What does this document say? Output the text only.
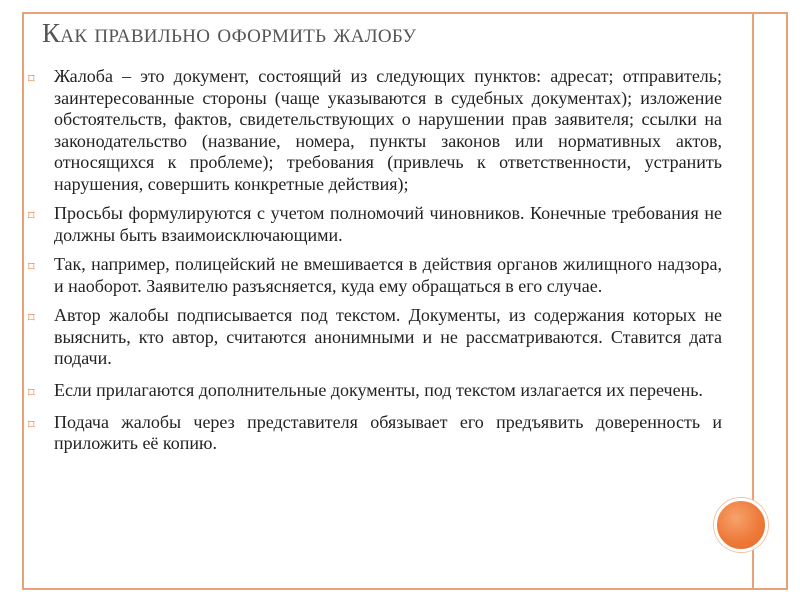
Как правильно оформить жалобу
⌑	Жалоба – это документ, состоящий из следующих пунктов: адресат; отправитель; заинтересованные стороны (чаще указываются в судебных документах); изложение обстоятельств, фактов, свидетельствующих о нарушении прав заявителя; ссылки на законодательство (название, номера, пункты законов или нормативных актов, относящихся к проблеме); требования (привлечь к ответственности, устранить нарушения, совершить конкретные действия);
⌑	Просьбы формулируются с учетом полномочий чиновников. Конечные требования не должны быть взаимоисключающими.
⌑	Так, например, полицейский не вмешивается в действия органов жилищного надзора, и наоборот. Заявителю разъясняется, куда ему обращаться в его случае.
⌑	Автор жалобы подписывается под текстом. Документы, из содержания которых не выяснить, кто автор, считаются анонимными и не рассматриваются. Ставится дата подачи.
⌑	Если прилагаются дополнительные документы, под текстом излагается их перечень.
⌑	Подача жалобы через представителя обязывает его предъявить доверенность и приложить её копию.
